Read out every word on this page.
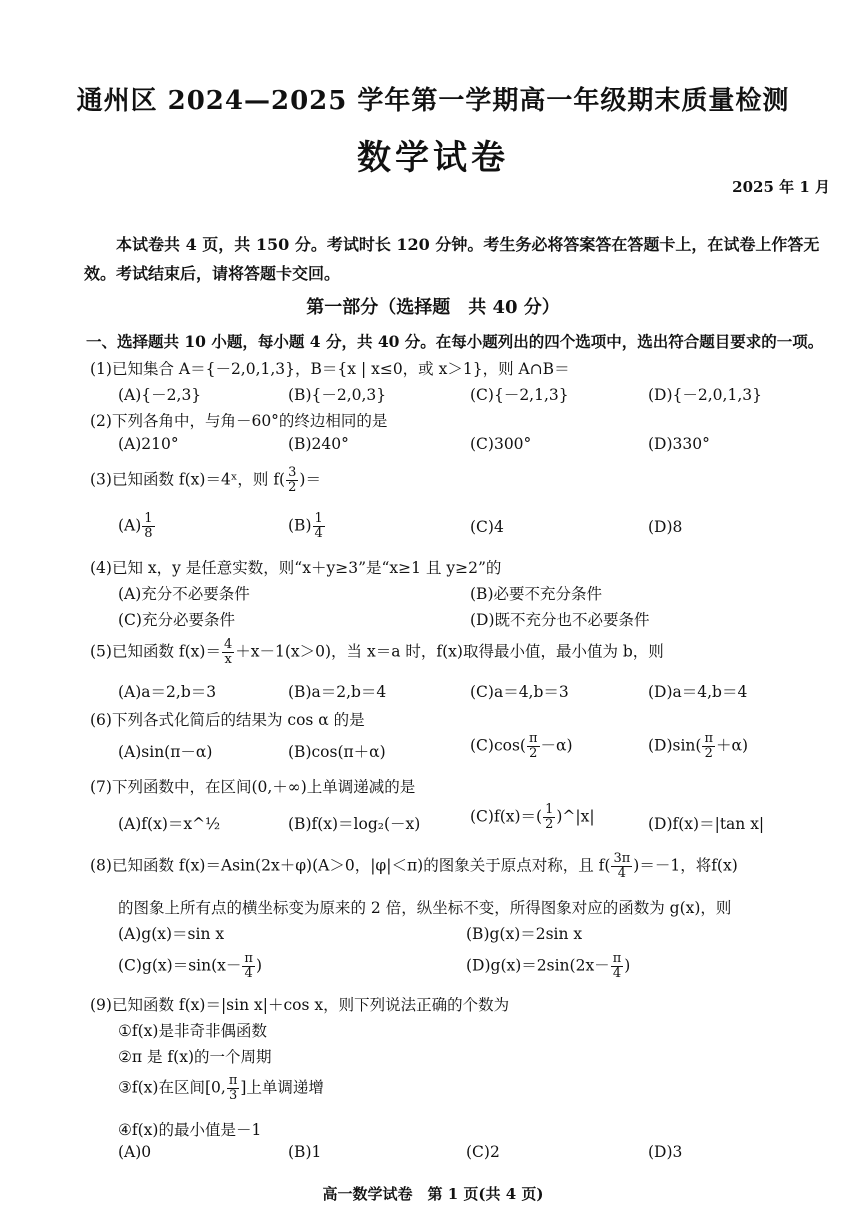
通州区 2024—2025 学年第一学期高一年级期末质量检测
数学试卷
2025 年 1 月
本试卷共 4 页，共 150 分。考试时长 120 分钟。考生务必将答案答在答题卡上，在试卷上作答无效。考试结束后，请将答题卡交回。
第一部分（选择题　共 40 分）
一、选择题共 10 小题，每小题 4 分，共 40 分。在每小题列出的四个选项中，选出符合题目要求的一项。
(1)已知集合 A＝{－2,0,1,3}，B＝{x | x≤0，或 x＞1}，则 A∩B＝
(A){－2,3}	(B){－2,0,3}	(C){－2,1,3}	(D){－2,0,1,3}
(2)下列各角中，与角－60°的终边相同的是
(A)210°	(B)240°	(C)300°	(D)330°
(3)已知函数 f(x)＝4ˣ，则 $f( \frac{3}{2}$ )＝
$(A) \frac{1}{8}$	$(B) \frac{1}{4}$	(C)4	(D)8
(4)已知 x，y 是任意实数，则“x＋y≥3”是“x≥1 且 y≥2”的
(A)充分不必要条件	(B)必要不充分条件
(C)充分必要条件	(D)既不充分也不必要条件
(5)已知函数 $f(x)= \frac{4}{x} +x-1(x>0)$，当 x＝a 时，f(x)取得最小值，最小值为 b，则
(A)a＝2,b＝3	(B)a＝2,b＝4	(C)a＝4,b＝3	(D)a＝4,b＝4
(6)下列各式化简后的结果为 cos α 的是
(A)sin(π－α)	(B)cos(π＋α)	$(C)\cos( \frac{\pi}{2} -\alpha)$	$(D)\sin( \frac{\pi}{2} +\alpha)$
(7)下列函数中，在区间(0,＋∞)上单调递减的是
(A)f(x)＝x^½	(B)f(x)＝log₂(－x)	$(C)f(x)=( \frac{1}{2}$ )^|x|	(D)f(x)＝|tan x|
(8)已知函数 f(x)＝Asin(2x＋φ)(A＞0，|φ|＜π)的图象关于原点对称，且 $f( \frac{3\pi}{4} )=-1$，将f(x)
的图象上所有点的横坐标变为原来的 2 倍，纵坐标不变，所得图象对应的函数为 g(x)，则
(A)g(x)＝sin x	(B)g(x)＝2sin x
$(C)g(x)=\sin(x- \frac{\pi}{4}$ )	$(D)g(x)=2\sin(2x- \frac{\pi}{4}$ )
(9)已知函数 f(x)＝|sin x|＋cos x，则下列说法正确的个数为
①f(x)是非奇非偶函数
②π 是 f(x)的一个周期
③f(x)在区间[0, $\frac{\pi}{3}$ ]上单调递增
④f(x)的最小值是－1
(A)0	(B)1	(C)2	(D)3
高一数学试卷　第 1 页(共 4 页)
